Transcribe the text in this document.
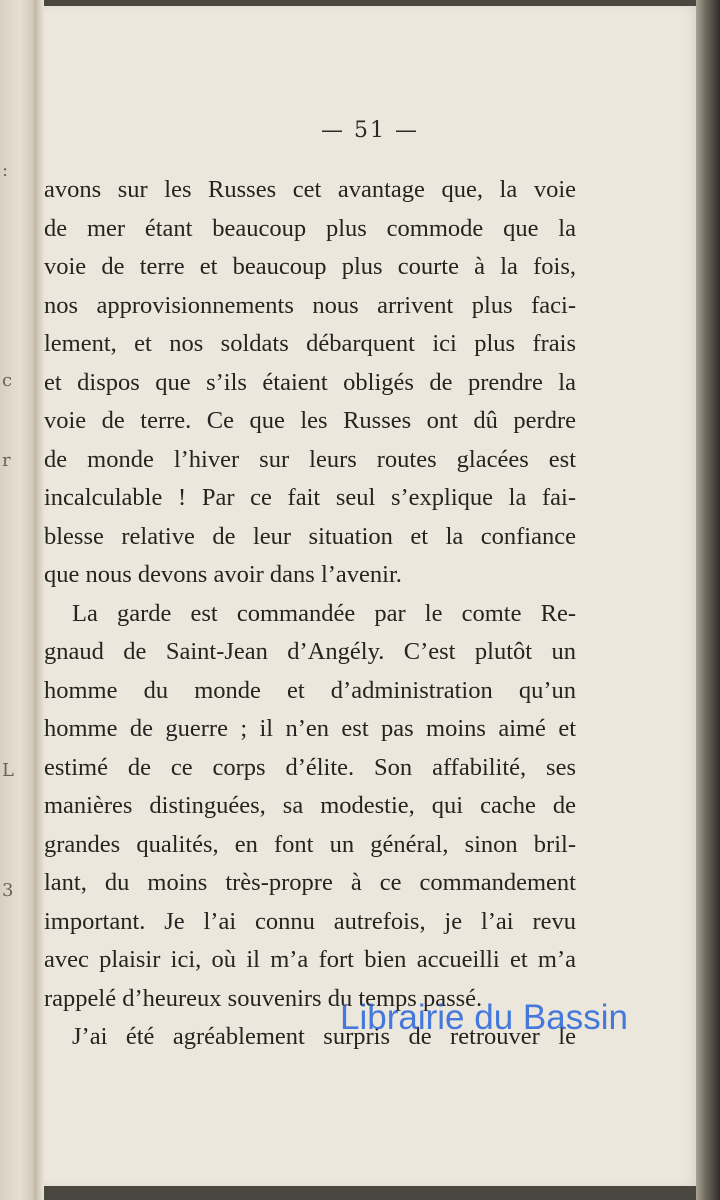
:
c
r
L
3
— 51 —
avons sur les Russes cet avantage que, la voie
de mer étant beaucoup plus commode que la
voie de terre et beaucoup plus courte à la fois,
nos approvisionnements nous arrivent plus faci-
lement, et nos soldats débarquent ici plus frais
et dispos que s’ils étaient obligés de prendre la
voie de terre. Ce que les Russes ont dû perdre
de monde l’hiver sur leurs routes glacées est
incalculable ! Par ce fait seul s’explique la fai-
blesse relative de leur situation et la confiance
que nous devons avoir dans l’avenir.
La garde est commandée par le comte Re-
gnaud de Saint-Jean d’Angély. C’est plutôt un
homme du monde et d’administration qu’un
homme de guerre ; il n’en est pas moins aimé et
estimé de ce corps d’élite. Son affabilité, ses
manières distinguées, sa modestie, qui cache de
grandes qualités, en font un général, sinon bril-
lant, du moins très-propre à ce commandement
important. Je l’ai connu autrefois, je l’ai revu
avec plaisir ici, où il m’a fort bien accueilli et m’a
rappelé d’heureux souvenirs du temps passé.
J’ai été agréablement surpris de retrouver le
Librairie du Bassin
